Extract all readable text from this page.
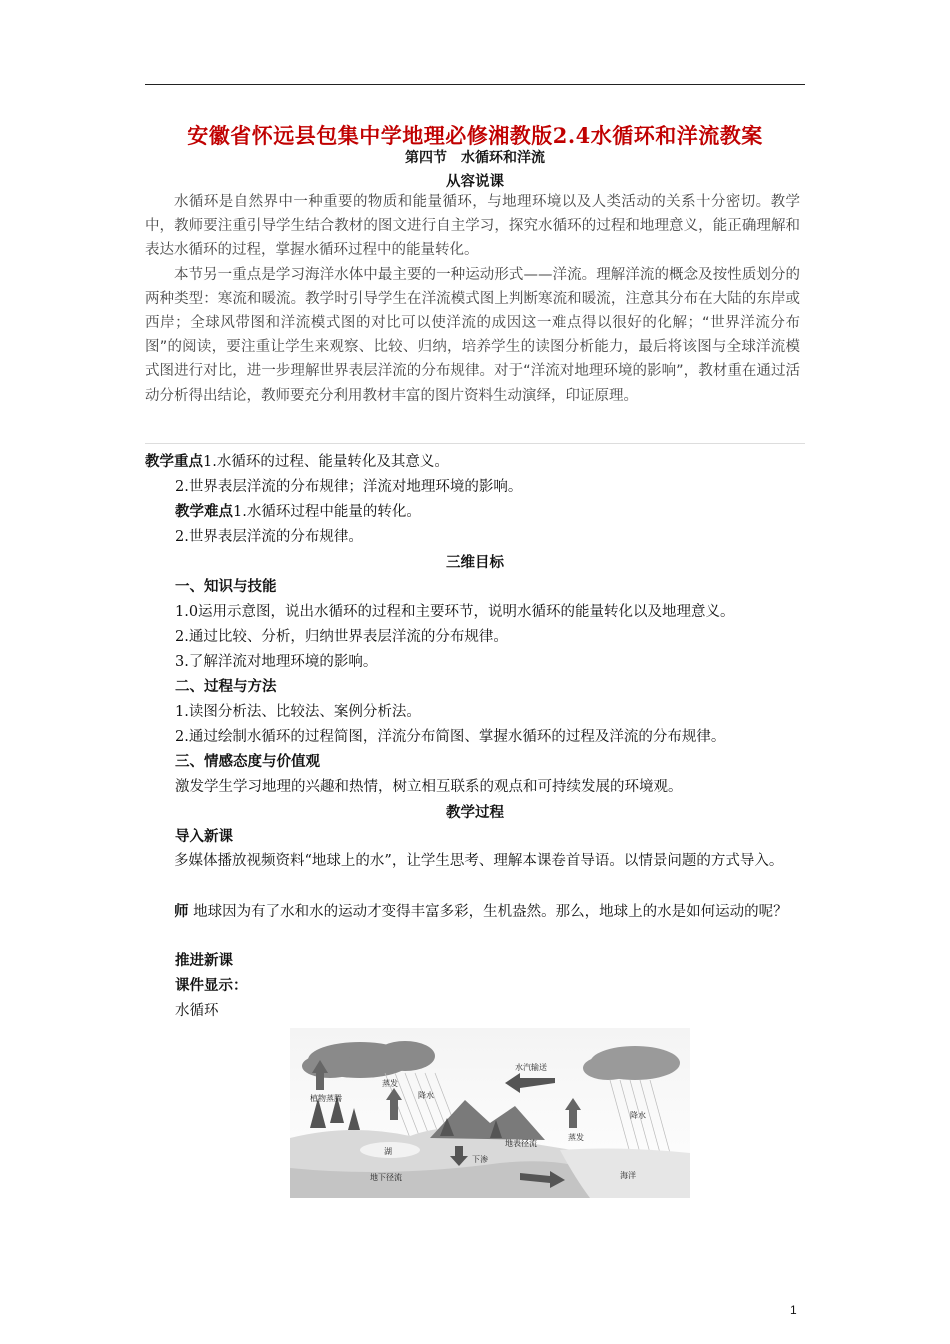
安徽省怀远县包集中学地理必修湘教版2.4水循环和洋流教案
第四节　水循环和洋流
从容说课

水循环是自然界中一种重要的物质和能量循环，与地理环境以及人类活动的关系十分密切。教学中，教师要注重引导学生结合教材的图文进行自主学习，探究水循环的过程和地理意义，能正确理解和表达水循环的过程，掌握水循环过程中的能量转化。

本节另一重点是学习海洋水体中最主要的一种运动形式——洋流。理解洋流的概念及按性质划分的两种类型：寒流和暖流。教学时引导学生在洋流模式图上判断寒流和暖流，注意其分布在大陆的东岸或西岸；全球风带图和洋流模式图的对比可以使洋流的成因这一难点得以很好的化解；“世界洋流分布图”的阅读，要注重让学生来观察、比较、归纳，培养学生的读图分析能力，最后将该图与全球洋流模式图进行对比，进一步理解世界表层洋流的分布规律。对于“洋流对地理环境的影响”，教材重在通过活动分析得出结论，教师要充分利用教材丰富的图片资料生动演绎，印证原理。

教学重点1.水循环的过程、能量转化及其意义。
2.世界表层洋流的分布规律；洋流对地理环境的影响。
教学难点1.水循环过程中能量的转化。
2.世界表层洋流的分布规律。
三维目标
一、知识与技能
1.0运用示意图，说出水循环的过程和主要环节，说明水循环的能量转化以及地理意义。
2.通过比较、分析，归纳世界表层洋流的分布规律。
3.了解洋流对地理环境的影响。
二、过程与方法
1.读图分析法、比较法、案例分析法。
2.通过绘制水循环的过程简图，洋流分布简图、掌握水循环的过程及洋流的分布规律。
三、情感态度与价值观
激发学生学习地理的兴趣和热情，树立相互联系的观点和可持续发展的环境观。
教学过程
导入新课
多媒体播放视频资料“地球上的水”，让学生思考、理解本课卷首导语。以情景问题的方式导入。
师 地球因为有了水和水的运动才变得丰富多彩，生机盎然。那么，地球上的水是如何运动的呢？
推进新课
课件显示：
水循环
水汽输送
植物蒸腾	降水
蒸发
湖
地表径流
下渗
地下径流
蒸发
降水
海洋
1
